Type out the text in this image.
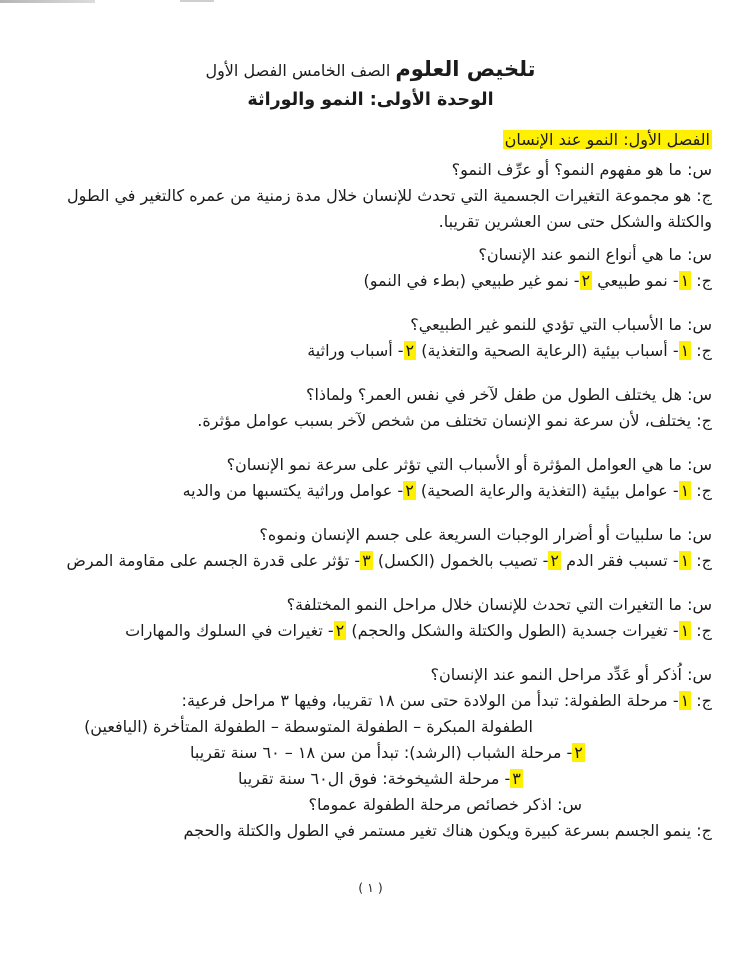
تلخيص العلوم الصف الخامس الفصل الأول
الوحدة الأولى: النمو والوراثة
الفصل الأول: النمو عند الإنسان
س: ما هو مفهوم النمو؟ أو عرِّف النمو؟
ج: هو مجموعة التغيرات الجسمية التي تحدث للإنسان خلال مدة زمنية من عمره كالتغير في الطول
والكتلة والشكل حتى سن العشرين تقريبا.
س: ما هي أنواع النمو عند الإنسان؟
ج: ١- نمو طبيعي ٢- نمو غير طبيعي (بطء في النمو)
س: ما الأسباب التي تؤدي للنمو غير الطبيعي؟
ج: ١- أسباب بيئية (الرعاية الصحية والتغذية) ٢- أسباب وراثية
س: هل يختلف الطول من طفل لآخر في نفس العمر؟ ولماذا؟
ج: يختلف، لأن سرعة نمو الإنسان تختلف من شخص لآخر بسبب عوامل مؤثرة.
س: ما هي العوامل المؤثرة أو الأسباب التي تؤثر على سرعة نمو الإنسان؟
ج: ١- عوامل بيئية (التغذية والرعاية الصحية) ٢- عوامل وراثية يكتسبها من والديه
س: ما سلبيات أو أضرار الوجبات السريعة على جسم الإنسان ونموه؟
ج: ١- تسبب فقر الدم ٢- تصيب بالخمول (الكسل) ٣- تؤثر على قدرة الجسم على مقاومة المرض
س: ما التغيرات التي تحدث للإنسان خلال مراحل النمو المختلفة؟
ج: ١- تغيرات جسدية (الطول والكتلة والشكل والحجم) ٢- تغيرات في السلوك والمهارات
س: اُذكر أو عَدِّد مراحل النمو عند الإنسان؟
ج: ١- مرحلة الطفولة: تبدأ من الولادة حتى سن ١٨ تقريبا، وفيها ٣ مراحل فرعية:
الطفولة المبكرة – الطفولة المتوسطة – الطفولة المتأخرة (اليافعين)
٢- مرحلة الشباب (الرشد): تبدأ من سن ١٨ – ٦٠ سنة تقريبا
٣- مرحلة الشيخوخة: فوق ال٦٠ سنة تقريبا
س: اذكر خصائص مرحلة الطفولة عموما؟
ج: ينمو الجسم بسرعة كبيرة ويكون هناك تغير مستمر في الطول والكتلة والحجم
( ١ )
